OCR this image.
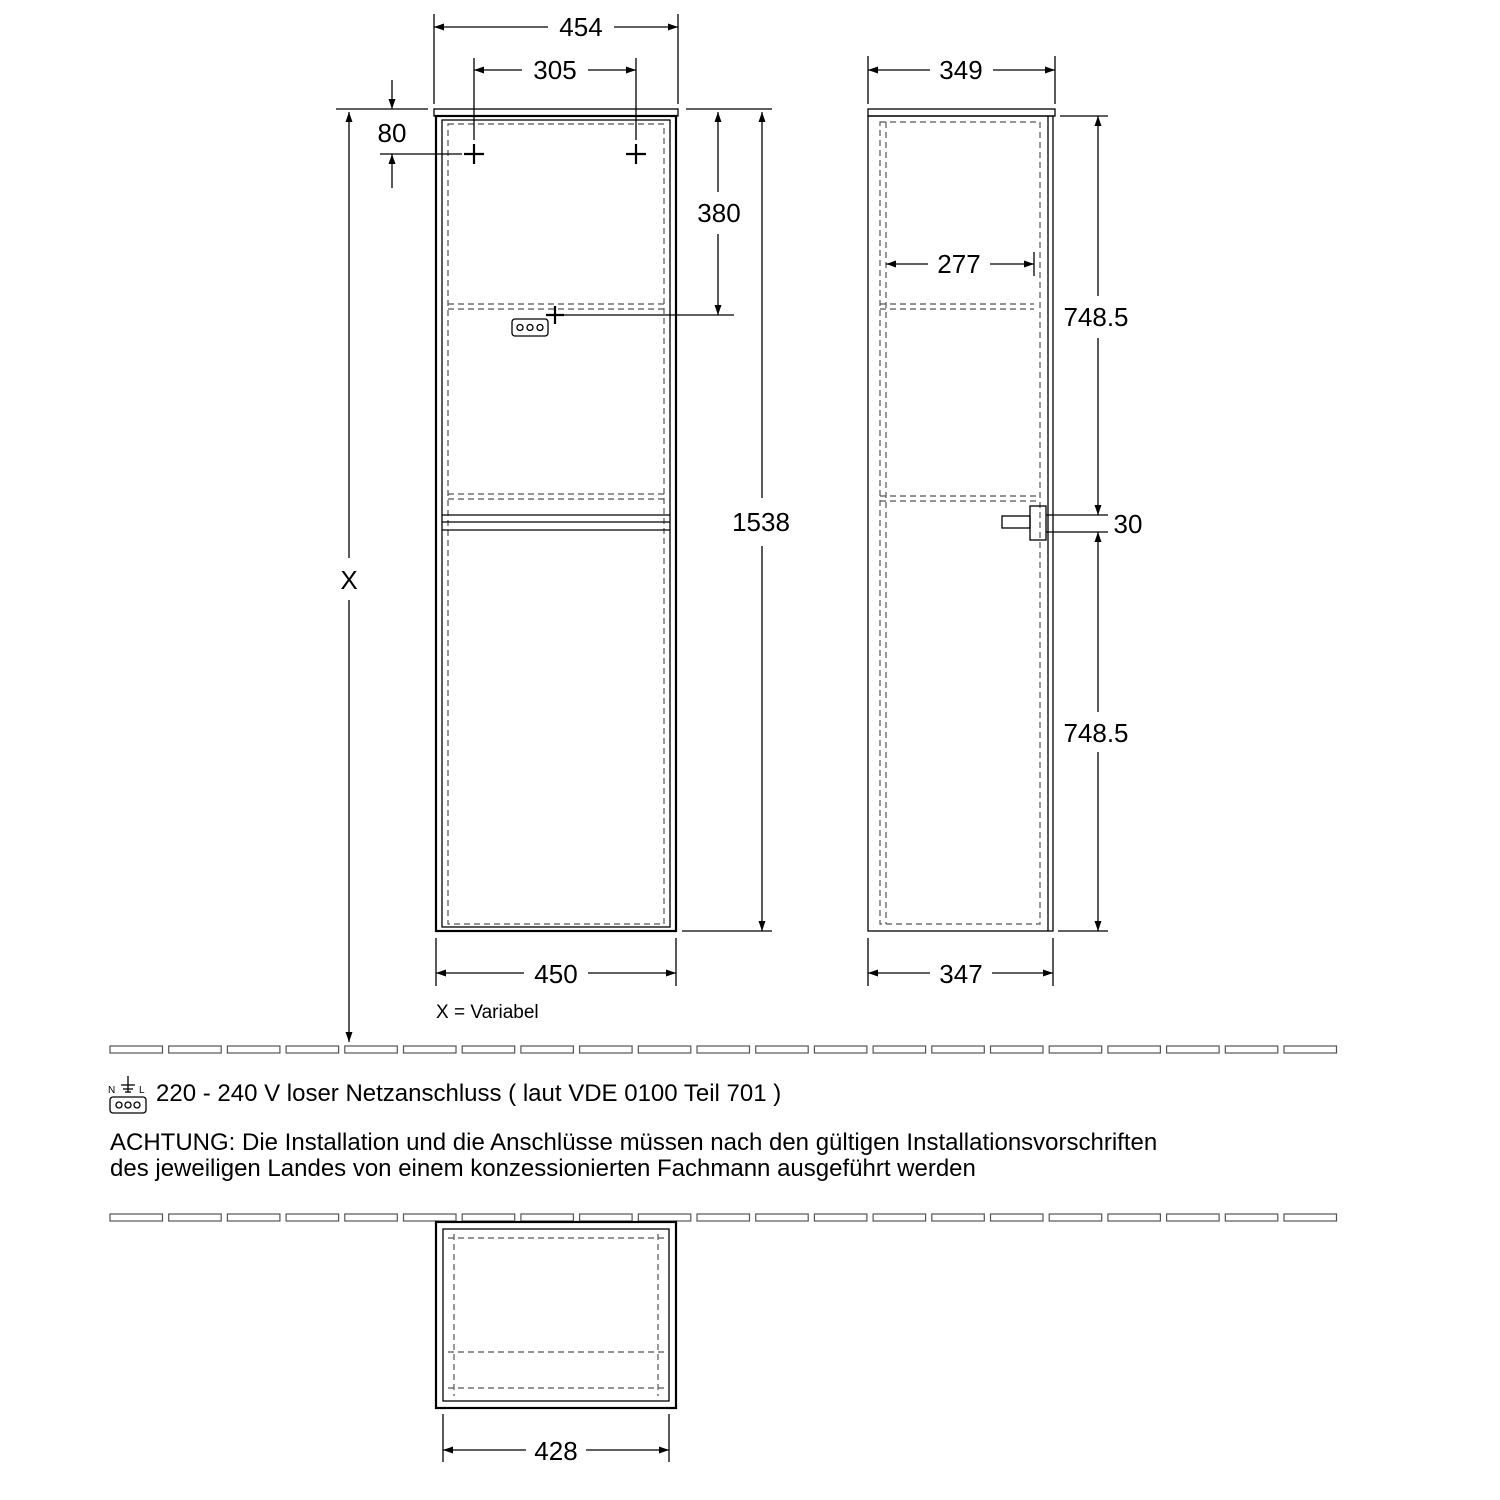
454
305
80
380
1538
X
450
X = Variabel
349
277
748.5
30
748.5
347
N L 220 - 240 V loser Netzanschluss ( laut VDE 0100 Teil 701 )
ACHTUNG: Die Installation und die Anschlüsse müssen nach den gültigen Installationsvorschriften
des jeweiligen Landes von einem konzessionierten Fachmann ausgeführt werden
428
